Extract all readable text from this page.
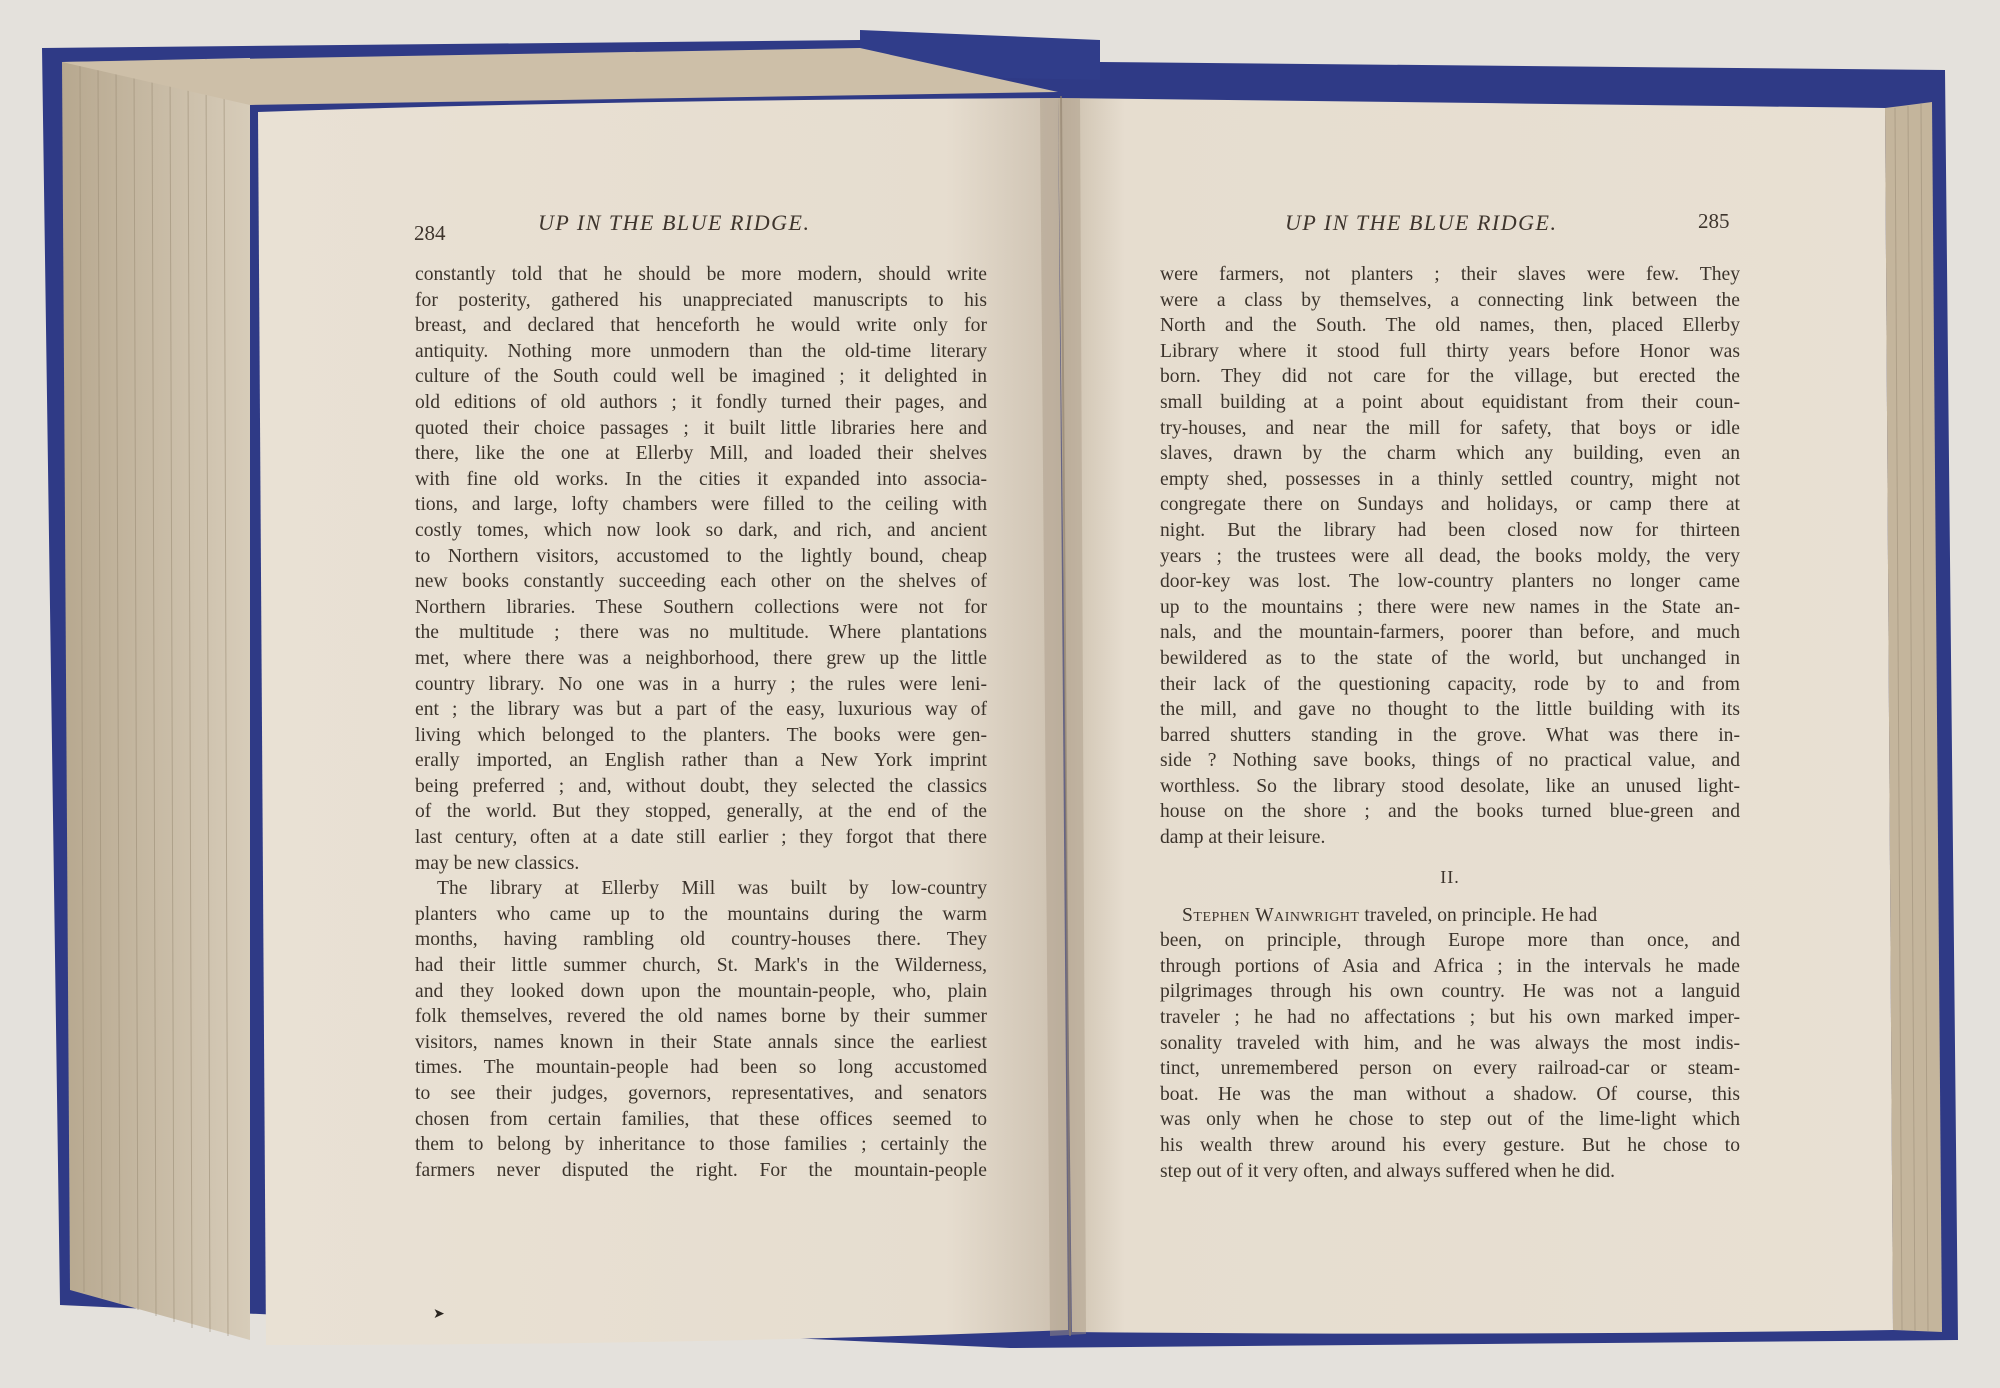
284	UP IN THE BLUE RIDGE.
constantly told that he should be more modern, should write
for posterity, gathered his unappreciated manuscripts to his
breast, and declared that henceforth he would write only for
antiquity. Nothing more unmodern than the old-time literary
culture of the South could well be imagined ; it delighted in
old editions of old authors ; it fondly turned their pages, and
quoted their choice passages ; it built little libraries here and
there, like the one at Ellerby Mill, and loaded their shelves
with fine old works. In the cities it expanded into associa-
tions, and large, lofty chambers were filled to the ceiling with
costly tomes, which now look so dark, and rich, and ancient
to Northern visitors, accustomed to the lightly bound, cheap
new books constantly succeeding each other on the shelves of
Northern libraries. These Southern collections were not for
the multitude ; there was no multitude. Where plantations
met, where there was a neighborhood, there grew up the little
country library. No one was in a hurry ; the rules were leni-
ent ; the library was but a part of the easy, luxurious way of
living which belonged to the planters. The books were gen-
erally imported, an English rather than a New York imprint
being preferred ; and, without doubt, they selected the classics
of the world. But they stopped, generally, at the end of the
last century, often at a date still earlier ; they forgot that there
may be new classics.
The library at Ellerby Mill was built by low-country
planters who came up to the mountains during the warm
months, having rambling old country-houses there. They
had their little summer church, St. Mark's in the Wilderness,
and they looked down upon the mountain-people, who, plain
folk themselves, revered the old names borne by their summer
visitors, names known in their State annals since the earliest
times. The mountain-people had been so long accustomed
to see their judges, governors, representatives, and senators
chosen from certain families, that these offices seemed to
them to belong by inheritance to those families ; certainly the
farmers never disputed the right. For the mountain-people
UP IN THE BLUE RIDGE.	285
were farmers, not planters ; their slaves were few. They
were a class by themselves, a connecting link between the
North and the South. The old names, then, placed Ellerby
Library where it stood full thirty years before Honor was
born. They did not care for the village, but erected the
small building at a point about equidistant from their coun-
try-houses, and near the mill for safety, that boys or idle
slaves, drawn by the charm which any building, even an
empty shed, possesses in a thinly settled country, might not
congregate there on Sundays and holidays, or camp there at
night. But the library had been closed now for thirteen
years ; the trustees were all dead, the books moldy, the very
door-key was lost. The low-country planters no longer came
up to the mountains ; there were new names in the State an-
nals, and the mountain-farmers, poorer than before, and much
bewildered as to the state of the world, but unchanged in
their lack of the questioning capacity, rode by to and from
the mill, and gave no thought to the little building with its
barred shutters standing in the grove. What was there in-
side ? Nothing save books, things of no practical value, and
worthless. So the library stood desolate, like an unused light-
house on the shore ; and the books turned blue-green and
damp at their leisure.
II.
Stephen Wainwright traveled, on principle. He had
been, on principle, through Europe more than once, and
through portions of Asia and Africa ; in the intervals he made
pilgrimages through his own country. He was not a languid
traveler ; he had no affectations ; but his own marked imper-
sonality traveled with him, and he was always the most indis-
tinct, unremembered person on every railroad-car or steam-
boat. He was the man without a shadow. Of course, this
was only when he chose to step out of the lime-light which
his wealth threw around his every gesture. But he chose to
step out of it very often, and always suffered when he did.
➤
